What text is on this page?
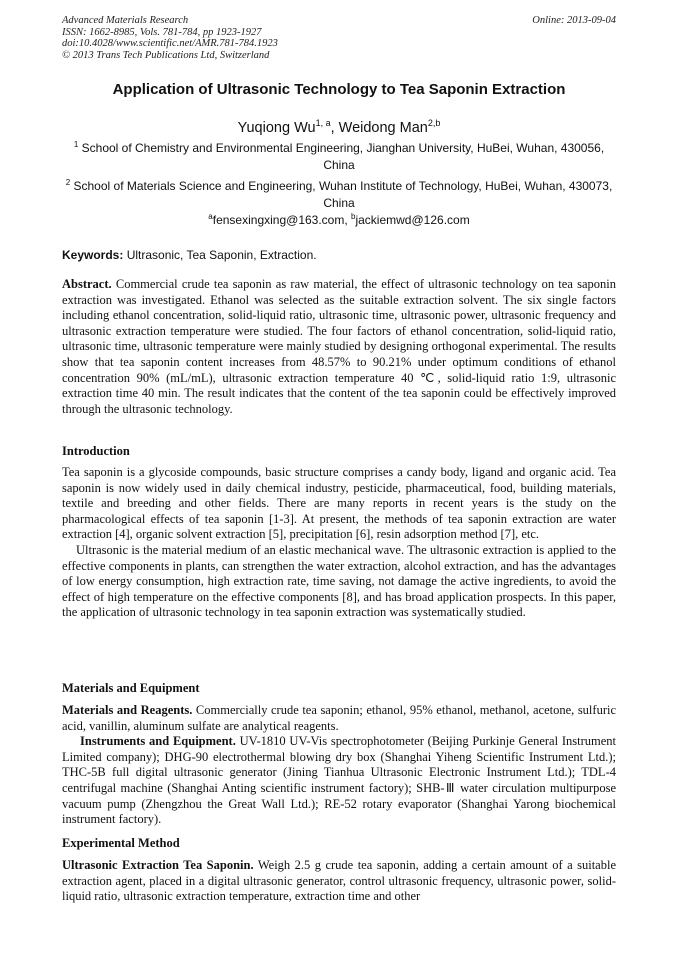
Advanced Materials Research
ISSN: 1662-8985, Vols. 781-784, pp 1923-1927
doi:10.4028/www.scientific.net/AMR.781-784.1923
© 2013 Trans Tech Publications Ltd, Switzerland
Online: 2013-09-04
Application of Ultrasonic Technology to Tea Saponin Extraction
Yuqiong Wu$^{1, a}$, Weidong Man$^{2,b}$
$^1$ School of Chemistry and Environmental Engineering, Jianghan University, HuBei, Wuhan, 430056, China
$^2$ School of Materials Science and Engineering, Wuhan Institute of Technology, HuBei, Wuhan, 430073, China
$^a$fensexingxing@163.com, $^b$jackiemwd@126.com
Keywords: Ultrasonic, Tea Saponin, Extraction.

Abstract. Commercial crude tea saponin as raw material, the effect of ultrasonic technology on tea saponin extraction was investigated. Ethanol was selected as the suitable extraction solvent. The six single factors including ethanol concentration, solid-liquid ratio, ultrasonic time, ultrasonic power, ultrasonic frequency and ultrasonic extraction temperature were studied. The four factors of ethanol concentration, solid-liquid ratio, ultrasonic time, ultrasonic temperature were mainly studied by designing orthogonal experimental. The results show that tea saponin content increases from 48.57% to 90.21% under optimum conditions of ethanol concentration 90% (mL/mL), ultrasonic extraction temperature 40 ℃, solid-liquid ratio 1:9, ultrasonic extraction time 40 min. The result indicates that the content of the tea saponin could be effectively improved through the ultrasonic technology.

Introduction

Tea saponin is a glycoside compounds, basic structure comprises a candy body, ligand and organic acid. Tea saponin is now widely used in daily chemical industry, pesticide, pharmaceutical, food, building materials, textile and breeding and other fields. There are many reports in recent years is the study on the pharmacological effects of tea saponin [1-3]. At present, the methods of tea saponin extraction are water extraction [4], organic solvent extraction [5], precipitation [6], resin adsorption method [7], etc.

Ultrasonic is the material medium of an elastic mechanical wave. The ultrasonic extraction is applied to the effective components in plants, can strengthen the water extraction, alcohol extraction, and has the advantages of low energy consumption, high extraction rate, time saving, not damage the active ingredients, to avoid the effect of high temperature on the effective components [8], and has broad application prospects. In this paper, the application of ultrasonic technology in tea saponin extraction was systematically studied.

Materials and Equipment

Materials and Reagents. Commercially crude tea saponin; ethanol, 95% ethanol, methanol, acetone, sulfuric acid, vanillin, aluminum sulfate are analytical reagents.

Instruments and Equipment. UV-1810 UV-Vis spectrophotometer (Beijing Purkinje General Instrument Limited company); DHG-90 electrothermal blowing dry box (Shanghai Yiheng Scientific Instrument Ltd.); THC-5B full digital ultrasonic generator (Jining Tianhua Ultrasonic Electronic Instrument Ltd.); TDL-4 centrifugal machine (Shanghai Anting scientific instrument factory); SHB-Ⅲ water circulation multipurpose vacuum pump (Zhengzhou the Great Wall Ltd.); RE-52 rotary evaporator (Shanghai Yarong biochemical instrument factory).

Experimental Method

Ultrasonic Extraction Tea Saponin. Weigh 2.5 g crude tea saponin, adding a certain amount of a suitable extraction agent, placed in a digital ultrasonic generator, control ultrasonic frequency, ultrasonic power, solid-liquid ratio, ultrasonic extraction temperature, extraction time and other
